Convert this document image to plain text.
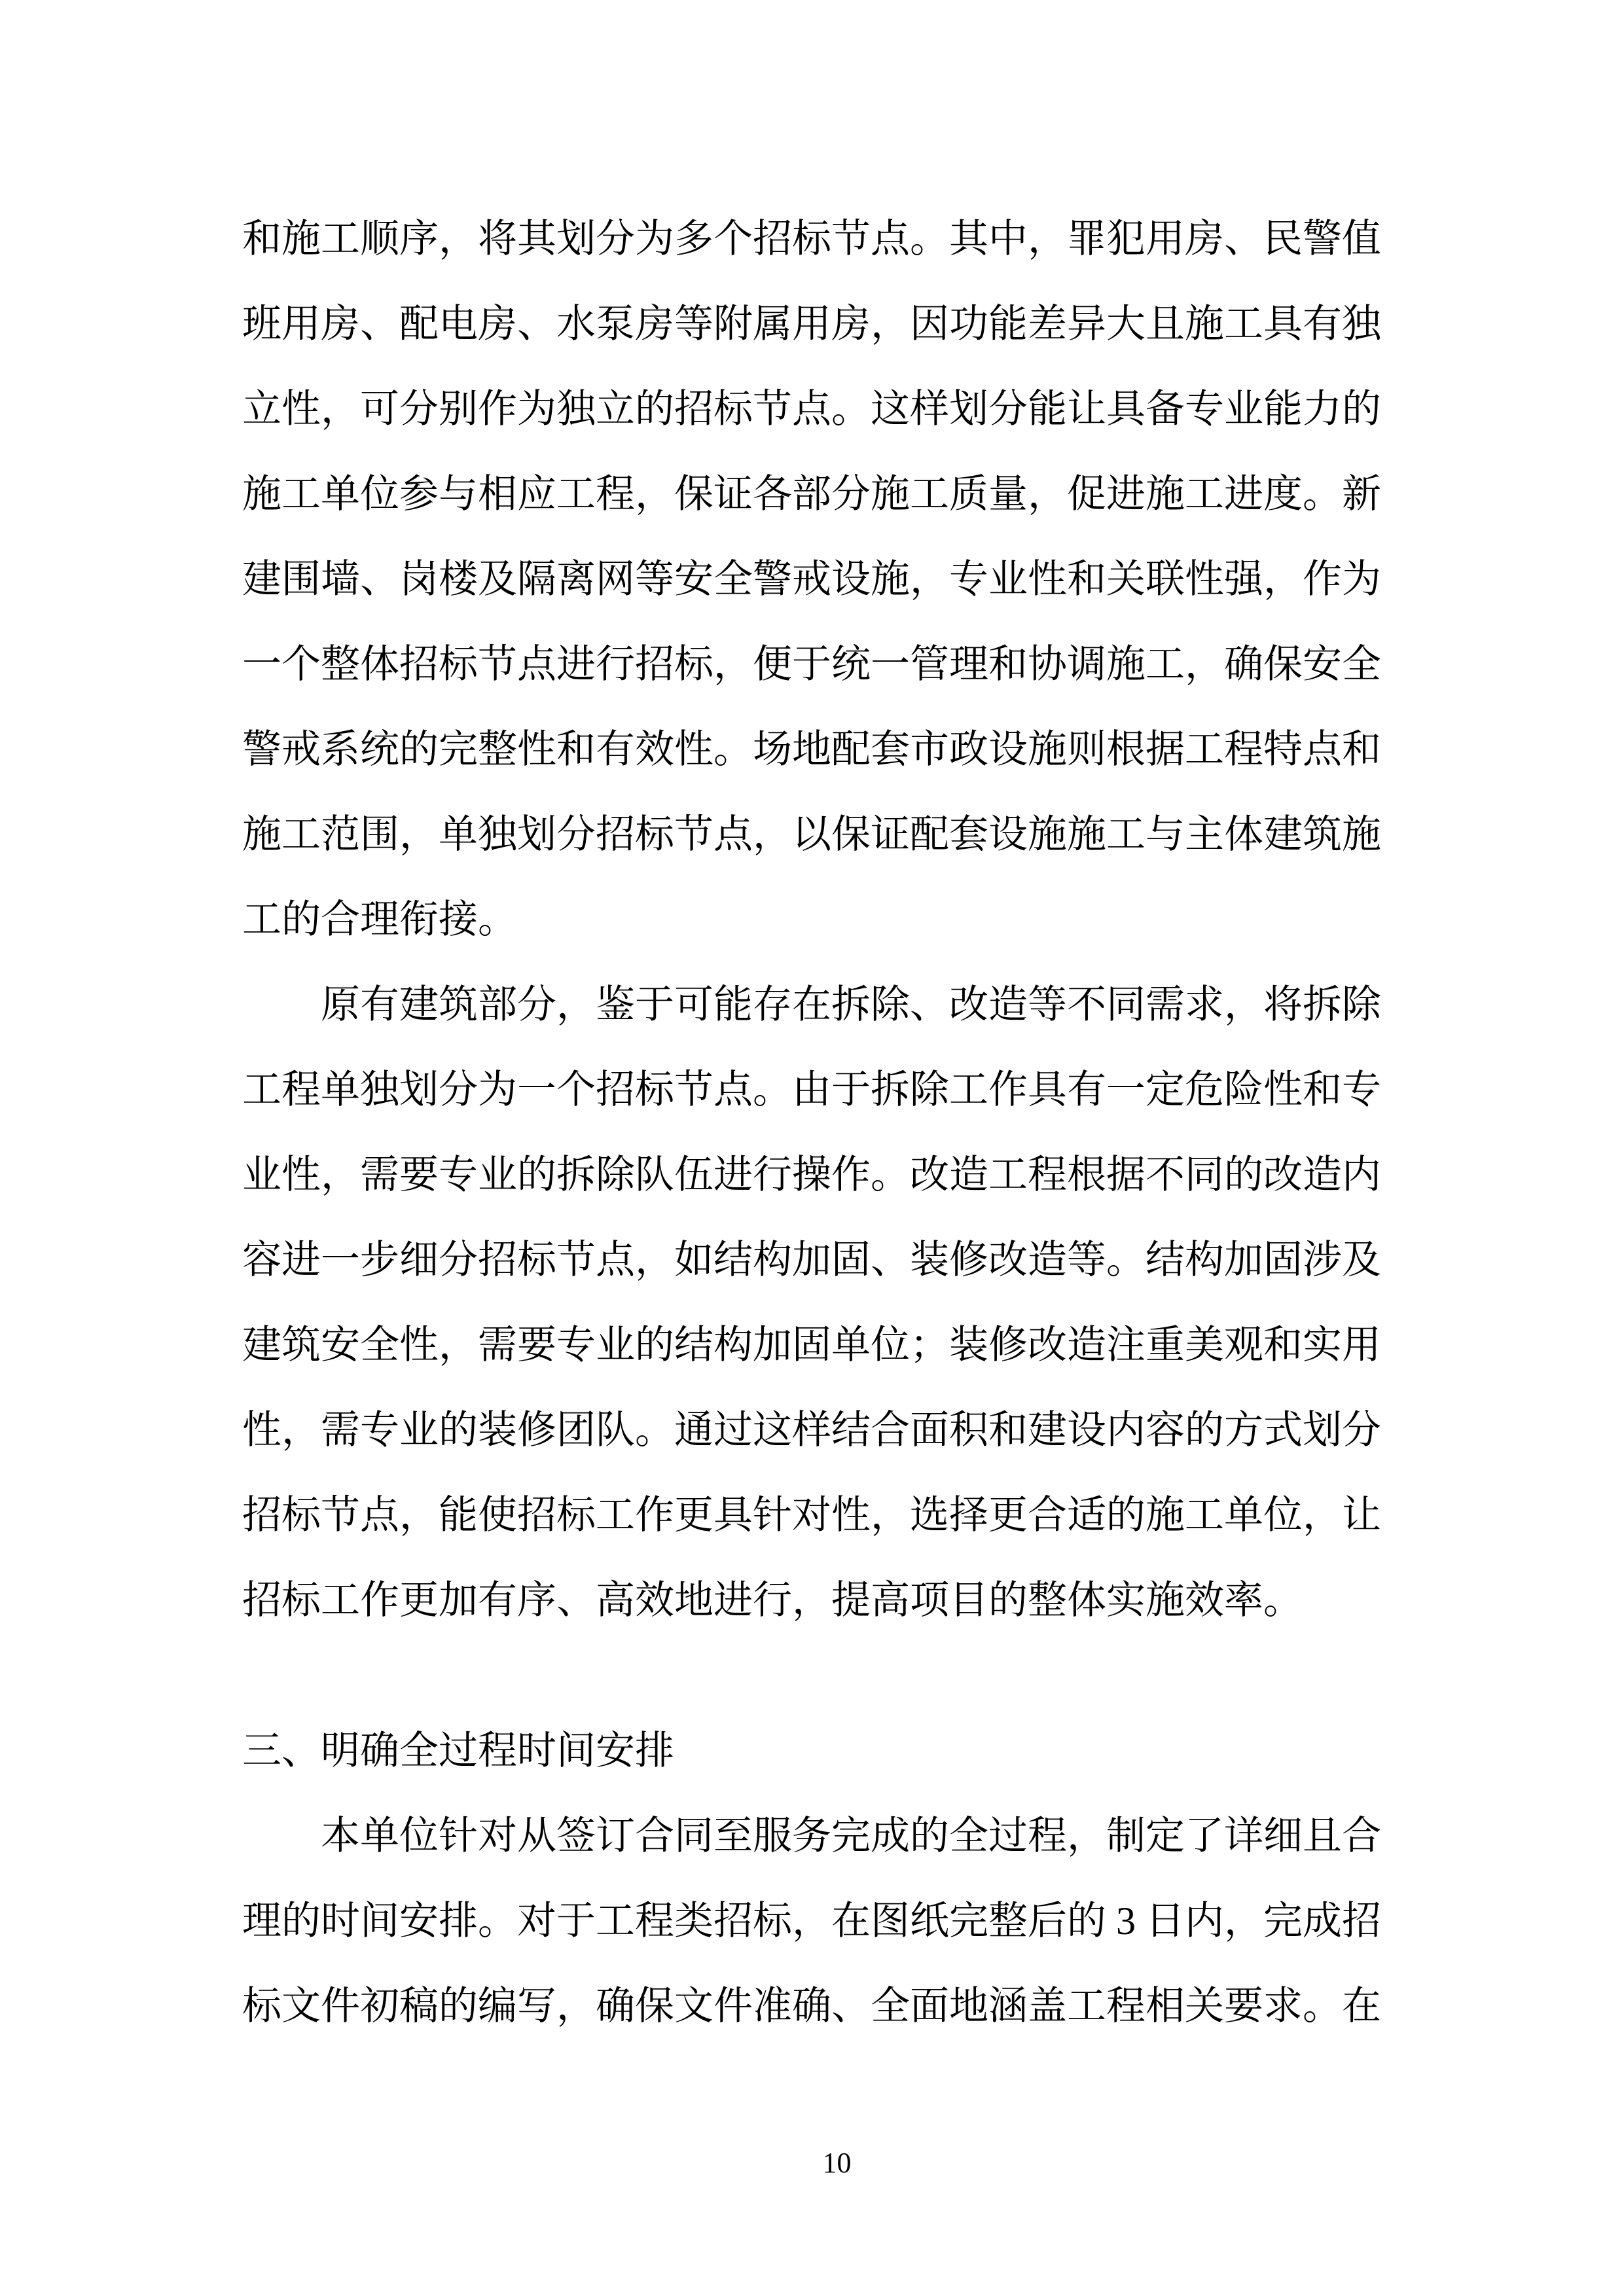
和施工顺序，将其划分为多个招标节点。其中，罪犯用房、民警值

班用房、配电房、水泵房等附属用房，因功能差异大且施工具有独

立性，可分别作为独立的招标节点。这样划分能让具备专业能力的

施工单位参与相应工程，保证各部分施工质量，促进施工进度。新

建围墙、岗楼及隔离网等安全警戒设施，专业性和关联性强，作为

一个整体招标节点进行招标，便于统一管理和协调施工，确保安全

警戒系统的完整性和有效性。场地配套市政设施则根据工程特点和

施工范围，单独划分招标节点，以保证配套设施施工与主体建筑施

工的合理衔接。

原有建筑部分，鉴于可能存在拆除、改造等不同需求，将拆除

工程单独划分为一个招标节点。由于拆除工作具有一定危险性和专

业性，需要专业的拆除队伍进行操作。改造工程根据不同的改造内

容进一步细分招标节点，如结构加固、装修改造等。结构加固涉及

建筑安全性，需要专业的结构加固单位；装修改造注重美观和实用

性，需专业的装修团队。通过这样结合面积和建设内容的方式划分

招标节点，能使招标工作更具针对性，选择更合适的施工单位，让

招标工作更加有序、高效地进行，提高项目的整体实施效率。

三、明确全过程时间安排

本单位针对从签订合同至服务完成的全过程，制定了详细且合

理的时间安排。对于工程类招标，在图纸完整后的 3 日内，完成招

标文件初稿的编写，确保文件准确、全面地涵盖工程相关要求。在

10
